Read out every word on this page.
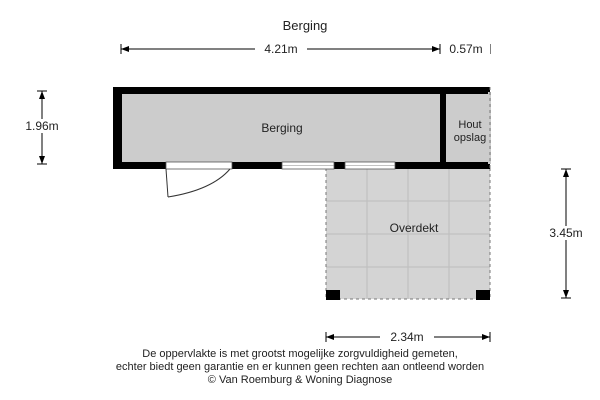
Berging
4.21m	0.57m
1.96m
3.45m
2.34m
Overdekt
Berging	Hout
opslag
De oppervlakte is met grootst mogelijke zorgvuldigheid gemeten,
echter biedt geen garantie en er kunnen geen rechten aan ontleend worden
© Van Roemburg & Woning Diagnose
